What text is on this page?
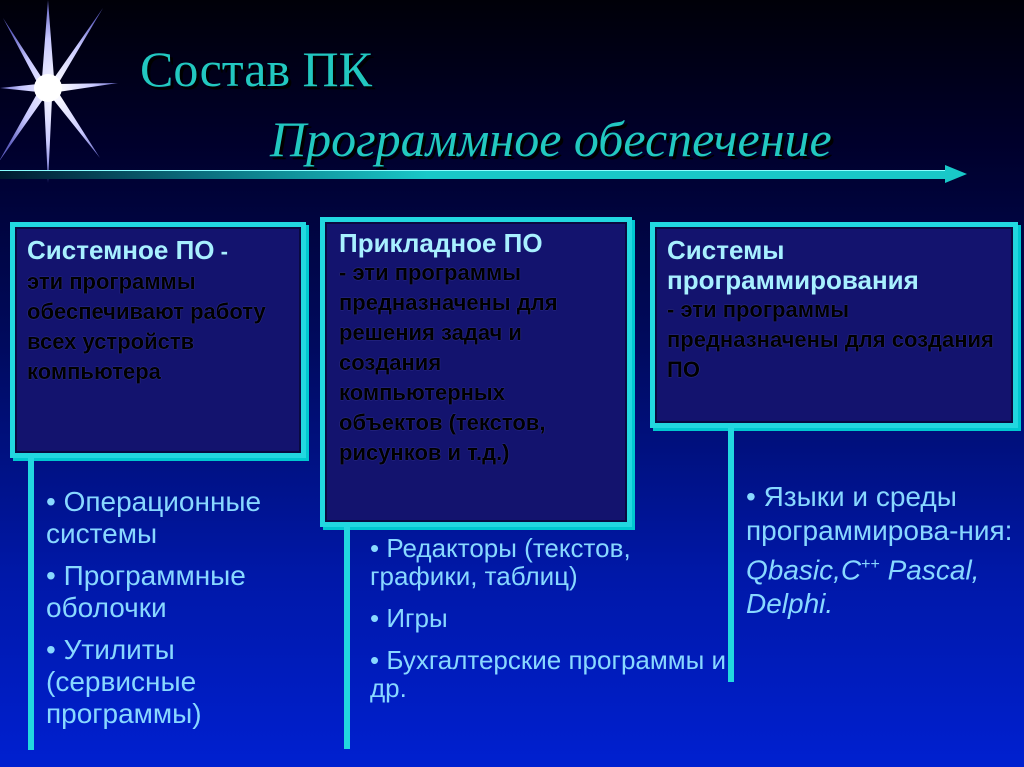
Состав ПК
Программное обеспечение
Системное ПО -
эти программы обеспечивают работу всех устройств компьютера
• Операционные системы
• Программные оболочки
• Утилиты (сервисные программы)
Прикладное ПО
- эти программы предназначены для решения задач и создания компьютерных объектов (текстов, рисунков и т.д.)
• Редакторы (текстов, графики, таблиц)
• Игры
• Бухгалтерские программы и др.
Системы программирования
- эти программы предназначены для создания ПО
• Языки и среды программирова-ния: Qbasic,C++ Pascal, Delphi.
